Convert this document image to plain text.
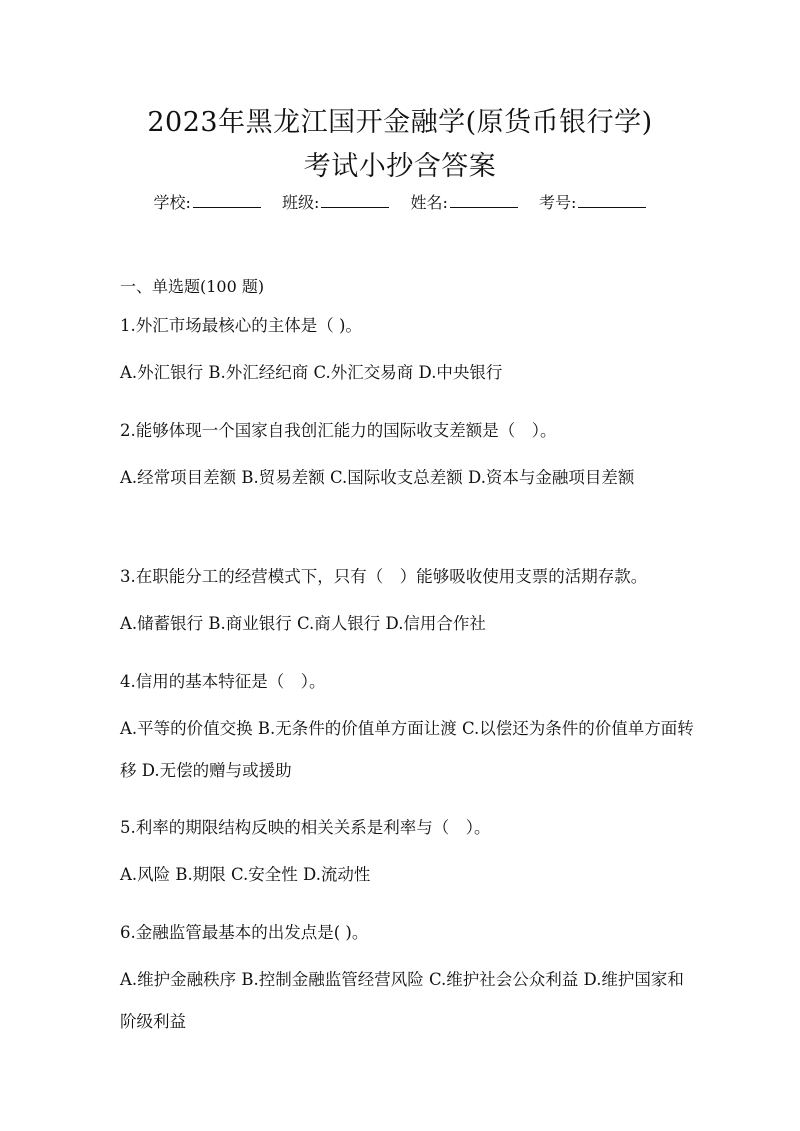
2023年黑龙江国开金融学(原货币银行学)
考试小抄含答案
学校:	班级:	姓名:	考号:
一、单选题(100 题)

1.外汇市场最核心的主体是（ )。

A.外汇银行 B.外汇经纪商 C.外汇交易商 D.中央银行

2.能够体现一个国家自我创汇能力的国际收支差额是（　）。

A.经常项目差额 B.贸易差额 C.国际收支总差额 D.资本与金融项目差额

3.在职能分工的经营模式下，只有（　）能够吸收使用支票的活期存款。

A.储蓄银行 B.商业银行 C.商人银行 D.信用合作社

4.信用的基本特征是（　）。

A.平等的价值交换 B.无条件的价值单方面让渡 C.以偿还为条件的价值单方面转移 D.无偿的赠与或援助

5.利率的期限结构反映的相关关系是利率与（　）。

A.风险 B.期限 C.安全性 D.流动性

6.金融监管最基本的出发点是( )。

A.维护金融秩序 B.控制金融监管经营风险 C.维护社会公众利益 D.维护国家和阶级利益
